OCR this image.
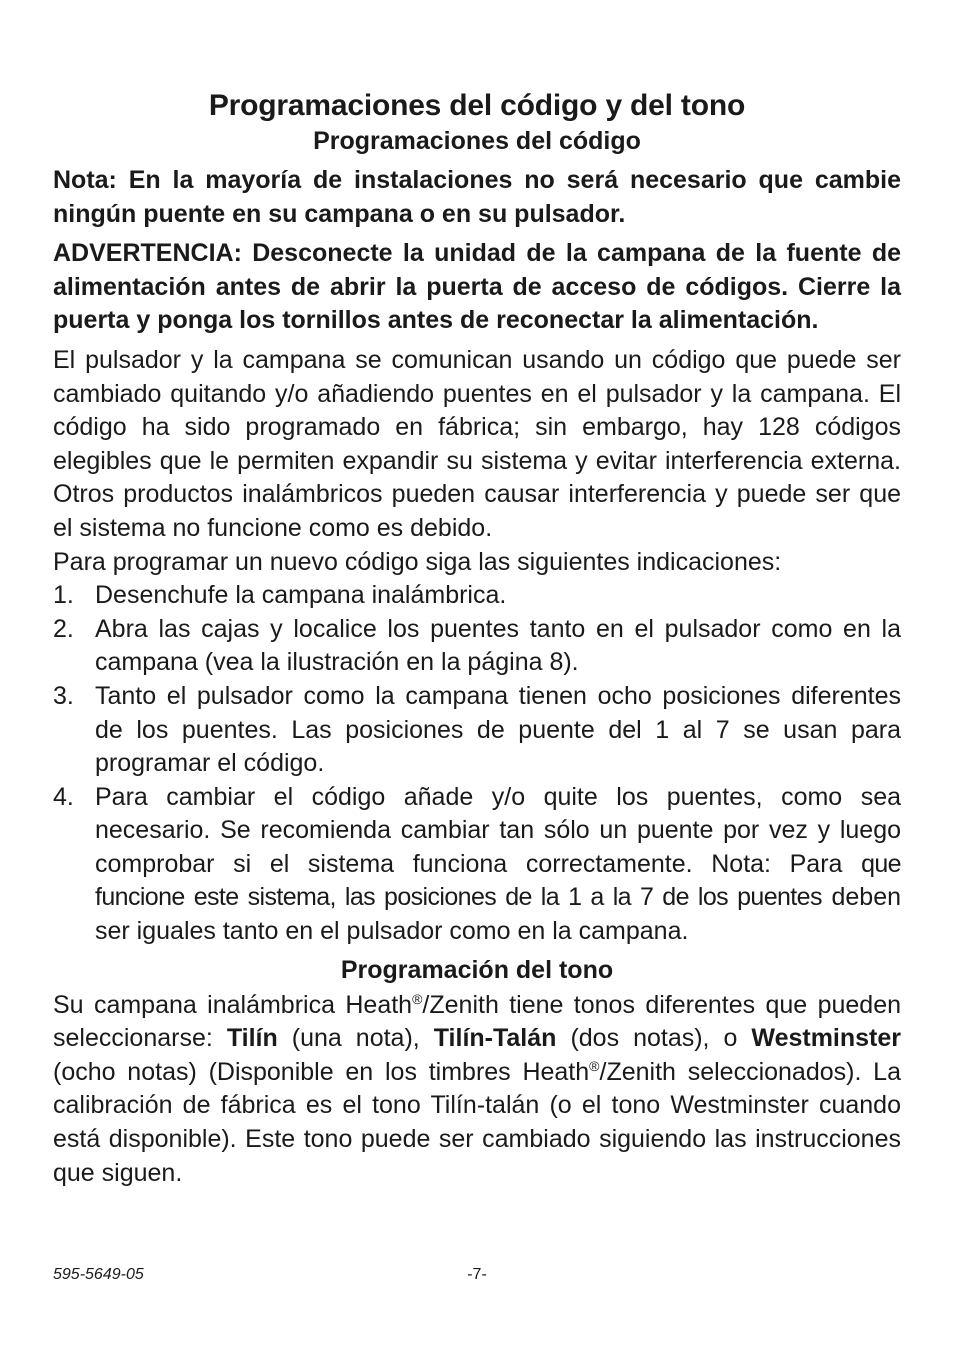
Programaciones del código y del tono
Programaciones del código

Nota: En la mayoría de instalaciones no será necesario que cambie ningún puente en su campana o en su pulsador.

ADVERTENCIA: Desconecte la unidad de la campana de la fuente de alimentación antes de abrir la puerta de acceso de códigos. Cierre la puerta y ponga los tornillos antes de reconectar la alimentación.

El pulsador y la campana se comunican usando un código que puede ser cambiado quitando y/o añadiendo puentes en el pulsador y la campana. El código ha sido programado en fábrica; sin embargo, hay 128 códigos elegibles que le permiten expandir su sistema y evitar interferencia externa. Otros productos inalámbricos pueden causar interferencia y puede ser que el sistema no funcione como es debido.

Para programar un nuevo código siga las siguientes indicaciones:

1. Desenchufe la campana inalámbrica.
2. Abra las cajas y localice los puentes tanto en el pulsador como en la campana (vea la ilustración en la página 8).
3. Tanto el pulsador como la campana tienen ocho posiciones diferentes de los puentes. Las posiciones de puente del 1 al 7 se usan para programar el código.
4. Para cambiar el código añade y/o quite los puentes, como sea necesario. Se recomienda cambiar tan sólo un puente por vez y luego comprobar si el sistema funciona correctamente. Nota: Para que funcione este sistema, las posiciones de la 1 a la 7 de los puentes deben ser iguales tanto en el pulsador como en la campana.
Programación del tono

Su campana inalámbrica Heath®/Zenith tiene tonos diferentes que pueden seleccionarse: Tilín (una nota), Tilín-Talán (dos notas), o Westminster (ocho notas) (Disponible en los timbres Heath®/Zenith seleccionados). La calibración de fábrica es el tono Tilín-talán (o el tono Westminster cuando está disponible). Este tono puede ser cambiado siguiendo las instrucciones que siguen.

595-5649-05	-7-
